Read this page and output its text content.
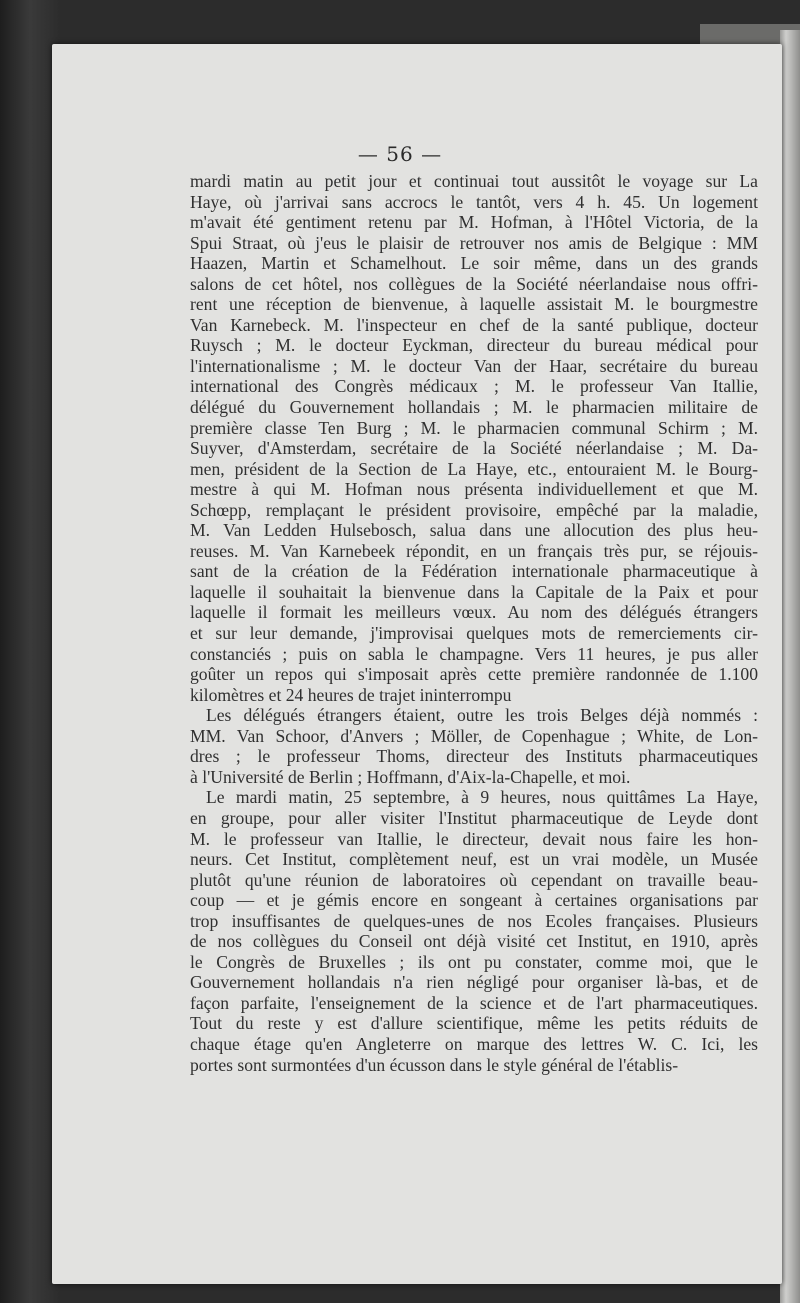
— 56 —
mardi matin au petit jour et continuai tout aussitôt le voyage sur La
Haye, où j'arrivai sans accrocs le tantôt, vers 4 h. 45. Un logement
m'avait été gentiment retenu par M. Hofman, à l'Hôtel Victoria, de la
Spui Straat, où j'eus le plaisir de retrouver nos amis de Belgique : MM
Haazen, Martin et Schamelhout. Le soir même, dans un des grands
salons de cet hôtel, nos collègues de la Société néerlandaise nous offri-
rent une réception de bienvenue, à laquelle assistait M. le bourgmestre
Van Karnebeck. M. l'inspecteur en chef de la santé publique, docteur
Ruysch ; M. le docteur Eyckman, directeur du bureau médical pour
l'internationalisme ; M. le docteur Van der Haar, secrétaire du bureau
international des Congrès médicaux ; M. le professeur Van Itallie,
délégué du Gouvernement hollandais ; M. le pharmacien militaire de
première classe Ten Burg ; M. le pharmacien communal Schirm ; M.
Suyver, d'Amsterdam, secrétaire de la Société néerlandaise ; M. Da-
men, président de la Section de La Haye, etc., entouraient M. le Bourg-
mestre à qui M. Hofman nous présenta individuellement et que M.
Schœpp, remplaçant le président provisoire, empêché par la maladie,
M. Van Ledden Hulsebosch, salua dans une allocution des plus heu-
reuses. M. Van Karnebeek répondit, en un français très pur, se réjouis-
sant de la création de la Fédération internationale pharmaceutique à
laquelle il souhaitait la bienvenue dans la Capitale de la Paix et pour
laquelle il formait les meilleurs vœux. Au nom des délégués étrangers
et sur leur demande, j'improvisai quelques mots de remerciements cir-
constanciés ; puis on sabla le champagne. Vers 11 heures, je pus aller
goûter un repos qui s'imposait après cette première randonnée de 1.100
kilomètres et 24 heures de trajet ininterrompu
Les délégués étrangers étaient, outre les trois Belges déjà nommés :
MM. Van Schoor, d'Anvers ; Möller, de Copenhague ; White, de Lon-
dres ; le professeur Thoms, directeur des Instituts pharmaceutiques
à l'Université de Berlin ; Hoffmann, d'Aix-la-Chapelle, et moi.
Le mardi matin, 25 septembre, à 9 heures, nous quittâmes La Haye,
en groupe, pour aller visiter l'Institut pharmaceutique de Leyde dont
M. le professeur van Itallie, le directeur, devait nous faire les hon-
neurs. Cet Institut, complètement neuf, est un vrai modèle, un Musée
plutôt qu'une réunion de laboratoires où cependant on travaille beau-
coup — et je gémis encore en songeant à certaines organisations par
trop insuffisantes de quelques-unes de nos Ecoles françaises. Plusieurs
de nos collègues du Conseil ont déjà visité cet Institut, en 1910, après
le Congrès de Bruxelles ; ils ont pu constater, comme moi, que le
Gouvernement hollandais n'a rien négligé pour organiser là-bas, et de
façon parfaite, l'enseignement de la science et de l'art pharmaceutiques.
Tout du reste y est d'allure scientifique, même les petits réduits de
chaque étage qu'en Angleterre on marque des lettres W. C. Ici, les
portes sont surmontées d'un écusson dans le style général de l'établis-
